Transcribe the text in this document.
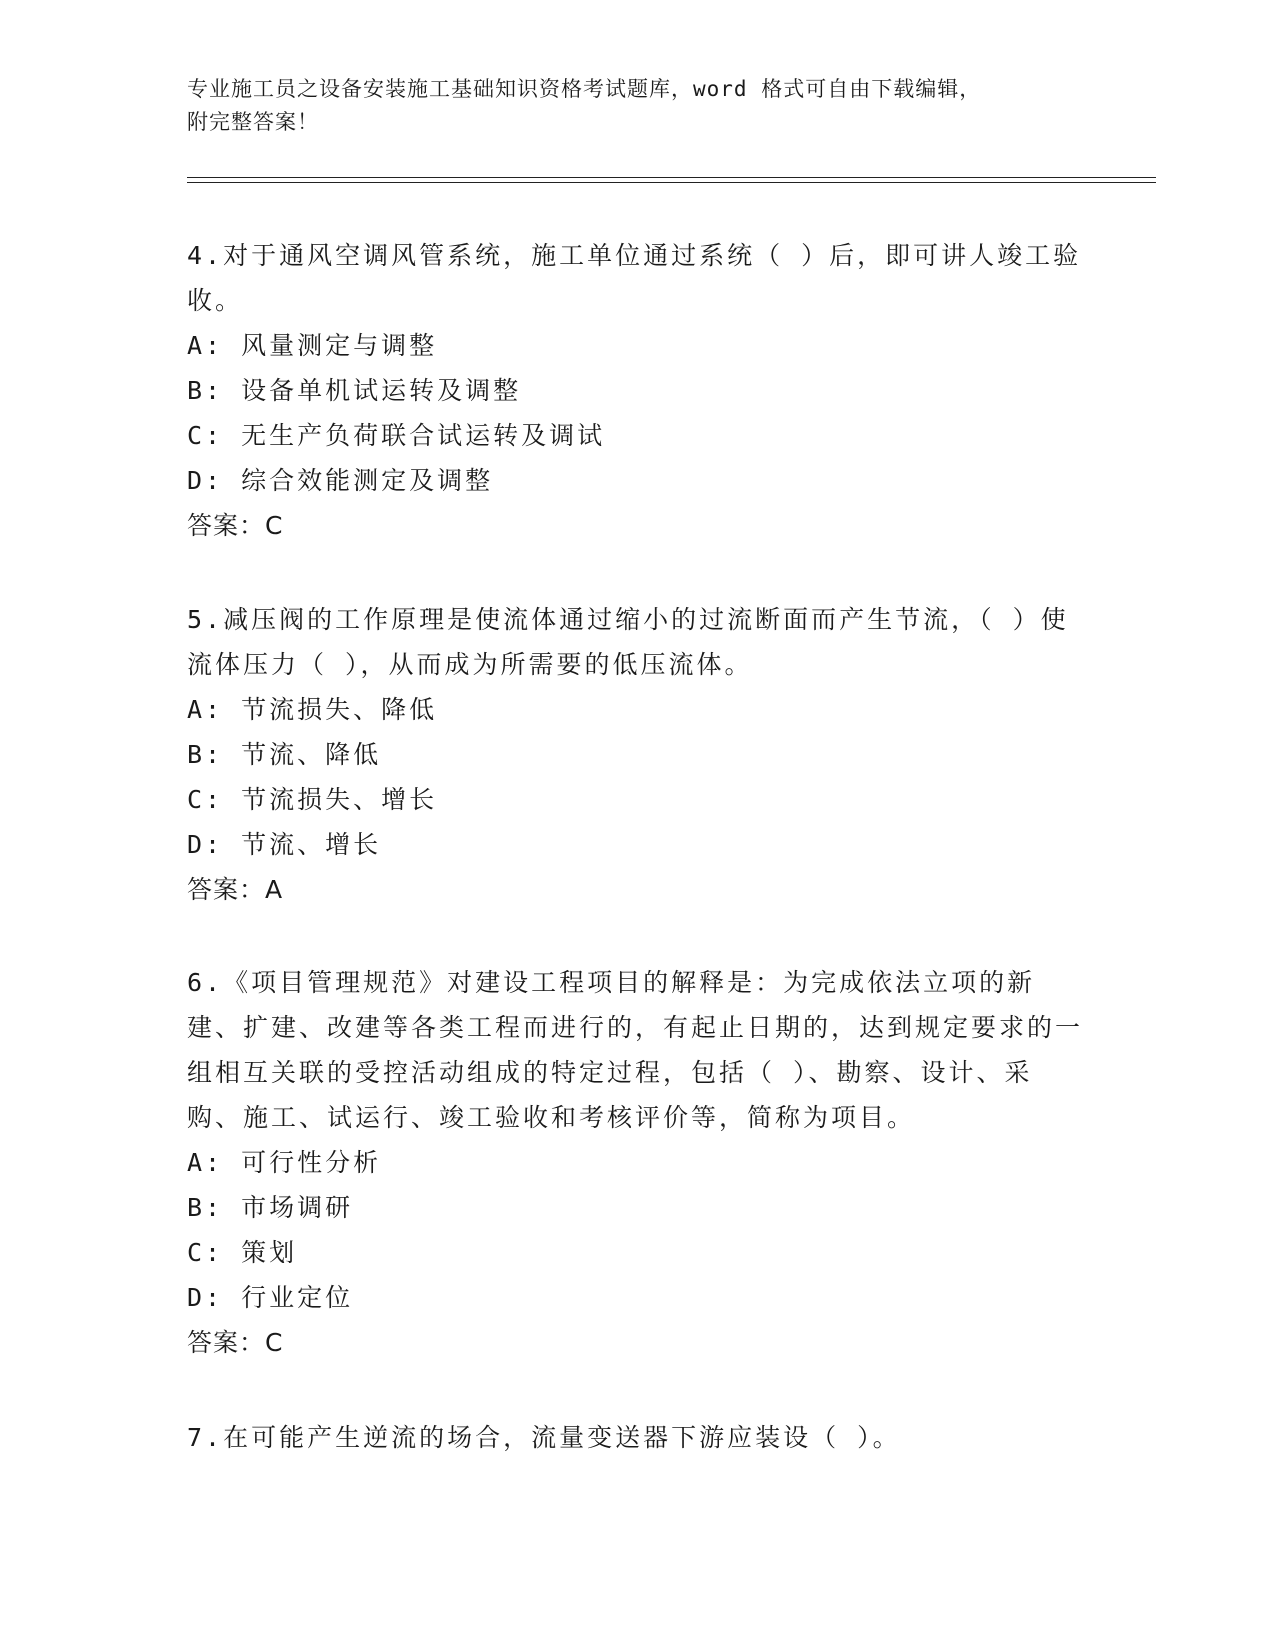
专业施工员之设备安装施工基础知识资格考试题库，word 格式可自由下载编辑，
附完整答案！
4.对于通风空调风管系统，施工单位通过系统（ ）后，即可讲人竣工验收。
A: 风量测定与调整
B: 设备单机试运转及调整
C: 无生产负荷联合试运转及调试
D: 综合效能测定及调整
答案：C
5.减压阀的工作原理是使流体通过缩小的过流断面而产生节流，（ ）使流体压力（ ），从而成为所需要的低压流体。
A: 节流损失、降低
B: 节流、降低
C: 节流损失、增长
D: 节流、增长
答案：A
6.《项目管理规范》对建设工程项目的解释是：为完成依法立项的新建、扩建、改建等各类工程而进行的，有起止日期的，达到规定要求的一组相互关联的受控活动组成的特定过程，包括（ ）、勘察、设计、采购、施工、试运行、竣工验收和考核评价等，简称为项目。
A: 可行性分析
B: 市场调研
C: 策划
D: 行业定位
答案：C
7.在可能产生逆流的场合，流量变送器下游应装设（ ）。
